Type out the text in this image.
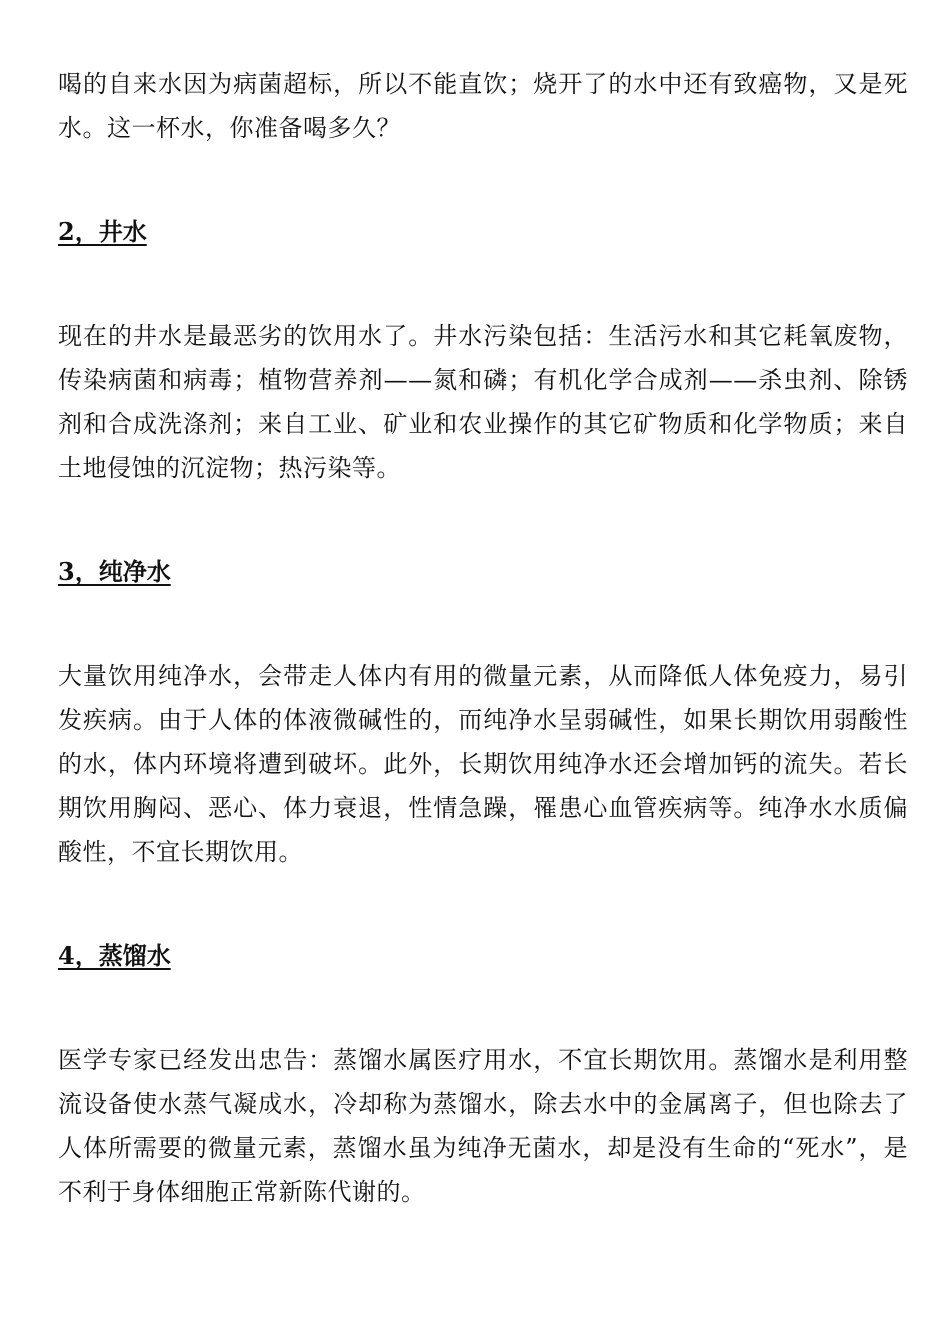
喝的自来水因为病菌超标，所以不能直饮；烧开了的水中还有致癌物，又是死水。这一杯水，你准备喝多久？

2，井水

现在的井水是最恶劣的饮用水了。井水污染包括：生活污水和其它耗氧废物，传染病菌和病毒；植物营养剂——氮和磷；有机化学合成剂——杀虫剂、除锈剂和合成洗涤剂；来自工业、矿业和农业操作的其它矿物质和化学物质；来自土地侵蚀的沉淀物；热污染等。

3，纯净水

大量饮用纯净水，会带走人体内有用的微量元素，从而降低人体免疫力，易引发疾病。由于人体的体液微碱性的，而纯净水呈弱碱性，如果长期饮用弱酸性的水，体内环境将遭到破坏。此外，长期饮用纯净水还会增加钙的流失。若长期饮用胸闷、恶心、体力衰退，性情急躁，罹患心血管疾病等。纯净水水质偏酸性，不宜长期饮用。

4，蒸馏水

医学专家已经发出忠告：蒸馏水属医疗用水，不宜长期饮用。蒸馏水是利用整流设备使水蒸气凝成水，冷却称为蒸馏水，除去水中的金属离子，但也除去了人体所需要的微量元素，蒸馏水虽为纯净无菌水，却是没有生命的“死水”，是不利于身体细胞正常新陈代谢的。
